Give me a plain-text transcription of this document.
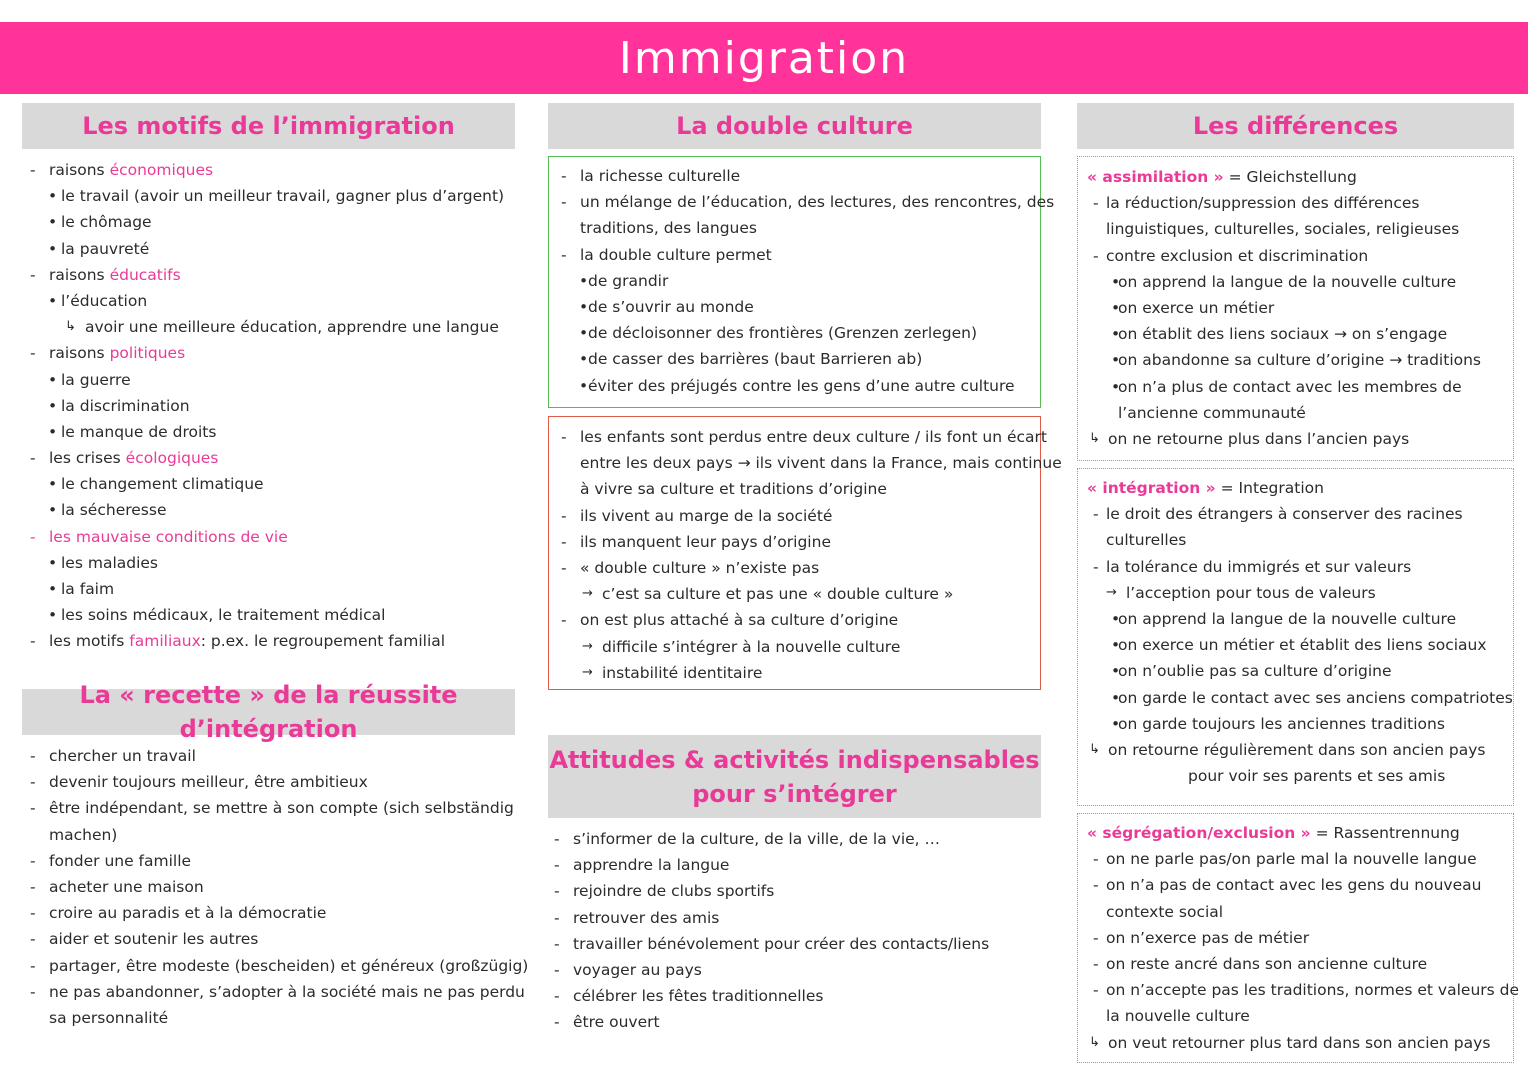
Immigration
Les motifs de l’immigration
- raisons économiques
• le travail (avoir un meilleur travail, gagner plus d’argent)
• le chômage
• la pauvreté
- raisons éducatifs
• l’éducation
↳ avoir une meilleure éducation, apprendre une langue
- raisons politiques
• la guerre
• la discrimination
• le manque de droits
- les crises écologiques
• le changement climatique
• la sécheresse
- les mauvaise conditions de vie
• les maladies
• la faim
• les soins médicaux, le traitement médical
- les motifs familiaux: p.ex. le regroupement familial
La « recette » de la réussite d’intégration
- chercher un travail
- devenir toujours meilleur, être ambitieux
- être indépendant, se mettre à son compte (sich selbständig
machen)
- fonder une famille
- acheter une maison
- croire au paradis et à la démocratie
- aider et soutenir les autres
- partager, être modeste (bescheiden) et généreux (großzügig)
- ne pas abandonner, s’adopter à la société mais ne pas perdu
sa personnalité
La double culture
- la richesse culturelle
- un mélange de l’éducation, des lectures, des rencontres, des
traditions, des langues
- la double culture permet
• de grandir
• de s’ouvrir au monde
• de décloisonner des frontières (Grenzen zerlegen)
• de casser des barrières (baut Barrieren ab)
• éviter des préjugés contre les gens d’une autre culture
- les enfants sont perdus entre deux culture / ils font un écart
entre les deux pays → ils vivent dans la France, mais continue
à vivre sa culture et traditions d’origine
- ils vivent au marge de la société
- ils manquent leur pays d’origine
- « double culture » n’existe pas
→ c’est sa culture et pas une « double culture »
- on est plus attaché à sa culture d’origine
→ difficile s’intégrer à la nouvelle culture
→ instabilité identitaire
Attitudes & activités indispensables
pour s’intégrer
- s’informer de la culture, de la ville, de la vie, …
- apprendre la langue
- rejoindre de clubs sportifs
- retrouver des amis
- travailler bénévolement pour créer des contacts/liens
- voyager au pays
- célébrer les fêtes traditionnelles
- être ouvert
Les différences
« assimilation » = Gleichstellung
- la réduction/suppression des différences
linguistiques, culturelles, sociales, religieuses
- contre exclusion et discrimination
• on apprend la langue de la nouvelle culture
• on exerce un métier
• on établit des liens sociaux → on s’engage
• on abandonne sa culture d’origine → traditions
• on n’a plus de contact avec les membres de
l’ancienne communauté
↳ on ne retourne plus dans l’ancien pays
« intégration » = Integration
- le droit des étrangers à conserver des racines
culturelles
- la tolérance du immigrés et sur valeurs
→ l’acception pour tous de valeurs
• on apprend la langue de la nouvelle culture
• on exerce un métier et établit des liens sociaux
• on n’oublie pas sa culture d’origine
• on garde le contact avec ses anciens compatriotes
• on garde toujours les anciennes traditions
↳ on retourne régulièrement dans son ancien pays
pour voir ses parents et ses amis
« ségrégation/exclusion » = Rassentrennung
- on ne parle pas/on parle mal la nouvelle langue
- on n’a pas de contact avec les gens du nouveau
contexte social
- on n’exerce pas de métier
- on reste ancré dans son ancienne culture
- on n’accepte pas les traditions, normes et valeurs de
la nouvelle culture
↳ on veut retourner plus tard dans son ancien pays
